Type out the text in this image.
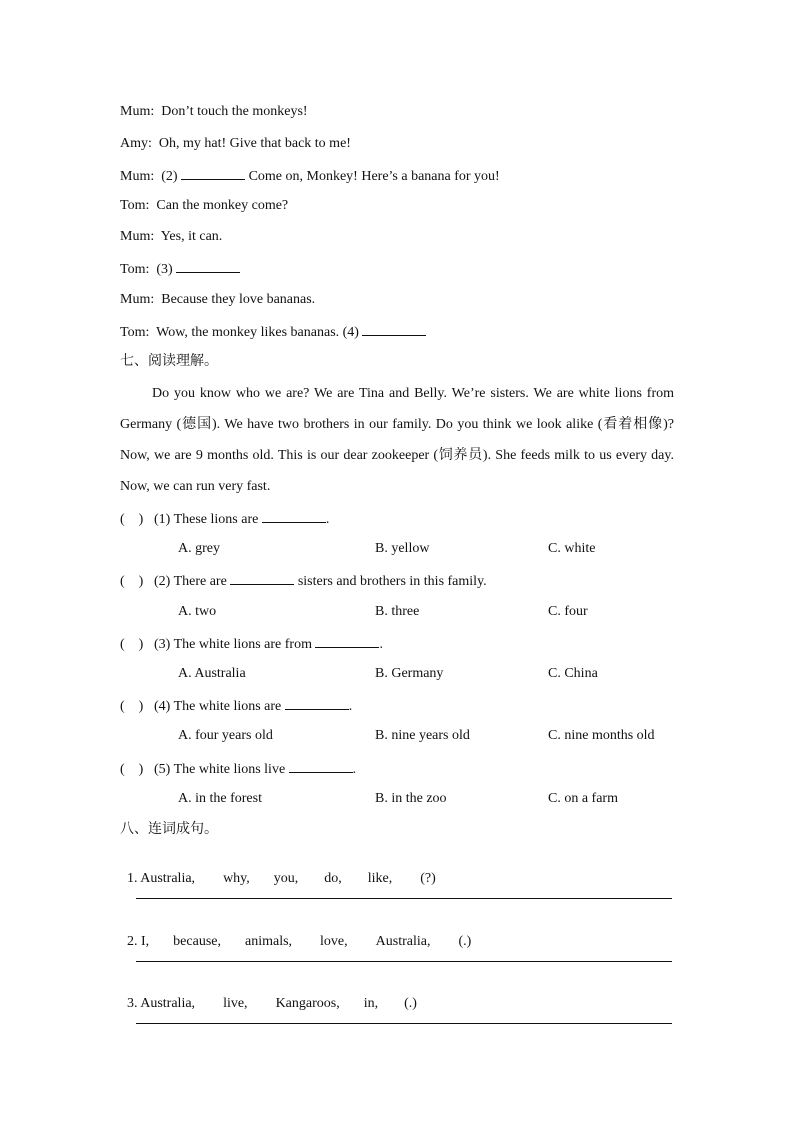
Mum: Don’t touch the monkeys!
Amy: Oh, my hat! Give that back to me!
Mum: (2)	Come on, Monkey! Here’s a banana for you!
Tom: Can the monkey come?
Mum: Yes, it can.
Tom: (3)
Mum: Because they love bananas.
Tom: Wow, the monkey likes bananas. (4)
七、阅读理解。
Do you know who we are? We are Tina and Belly. We’re sisters. We are white lions from Germany (德国). We have two brothers in our family. Do you think we look alike (看着相像)? Now, we are 9 months old. This is our dear zookeeper (饲养员). She feeds milk to us every day. Now, we can run very fast.
(    ) (1) These lions are	.
A. grey	B. yellow	C. white
(    ) (2) There are	sisters and brothers in this family.
A. two	B. three	C. four
(    ) (3) The white lions are from	.
A. Australia	B. Germany	C. China
(    ) (4) The white lions are	.
A. four years old	B. nine years old	C. nine months old
(    ) (5) The white lions live	.
A. in the forest	B. in the zoo	C. on a farm
八、连词成句。

1. Australia, why, you, do, like, (?)

2. I, because, animals, love, Australia, (.)

3. Australia, live, Kangaroos, in, (.)
